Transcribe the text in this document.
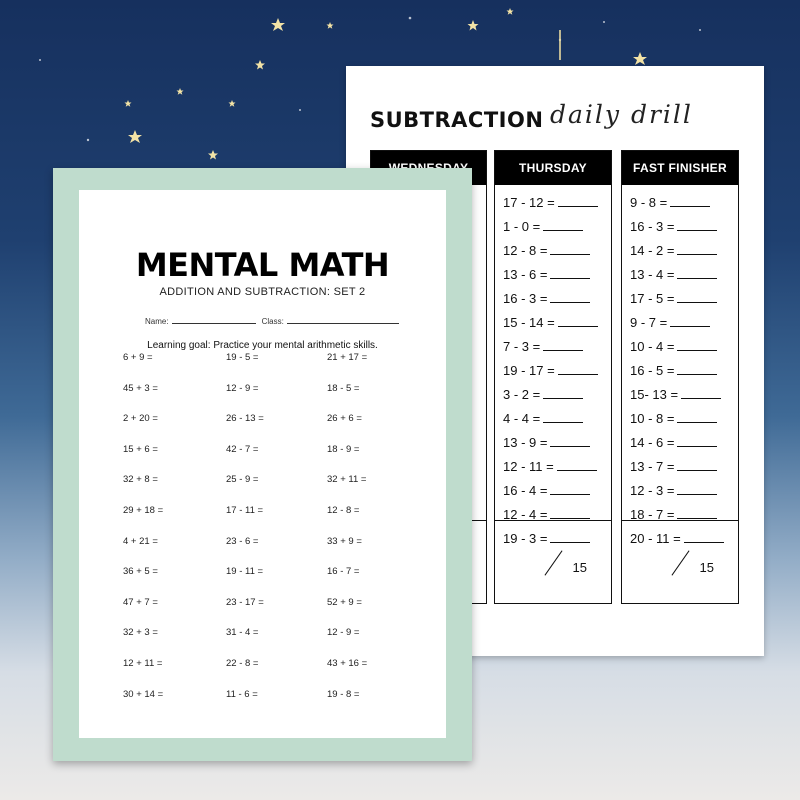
SUBTRACTION daily drill
THURSDAY
15
17 - 12 =
1 - 0 =
12 - 8 =
13 - 6 =
16 - 3 =
15 - 14 =
7 - 3 =
19 - 17 =
3 - 2 =
4 - 4 =
13 - 9 =
12 - 11 =
16 - 4 =
12 - 4 =
19 - 3 =
FAST FINISHER
15
9 - 8 =
16 - 3 =
14 - 2 =
13 - 4 =
17 - 5 =
9 - 7 =
10 - 4 =
16 - 5 =
15- 13 =
10 - 8 =
14 - 6 =
13 - 7 =
12 - 3 =
18 - 7 =
20 - 11 =
MENTAL MATH
ADDITION AND SUBTRACTION: SET 2
Name:	Class:
Learning goal: Practice your mental arithmetic skills.
6 + 9 =	19 - 5 =	21 + 17 =
45 + 3 =	12 - 9 =	18 - 5 =
2 + 20 =	26 - 13 =	26 + 6 =
15 + 6 =	42 - 7 =	18 - 9 =
32 + 8 =	25 - 9 =	32 + 11 =
29 + 18 =	17 - 11 =	12 - 8 =
4 + 21 =	23 - 6 =	33 + 9 =
36 + 5 =	19 - 11 =	16 - 7 =
47 + 7 =	23 - 17 =	52 + 9 =
32 + 3 =	31 - 4 =	12 - 9 =
12 + 11 =	22 - 8 =	43 + 16 =
30 + 14 =	11 - 6 =	19 - 8 =
